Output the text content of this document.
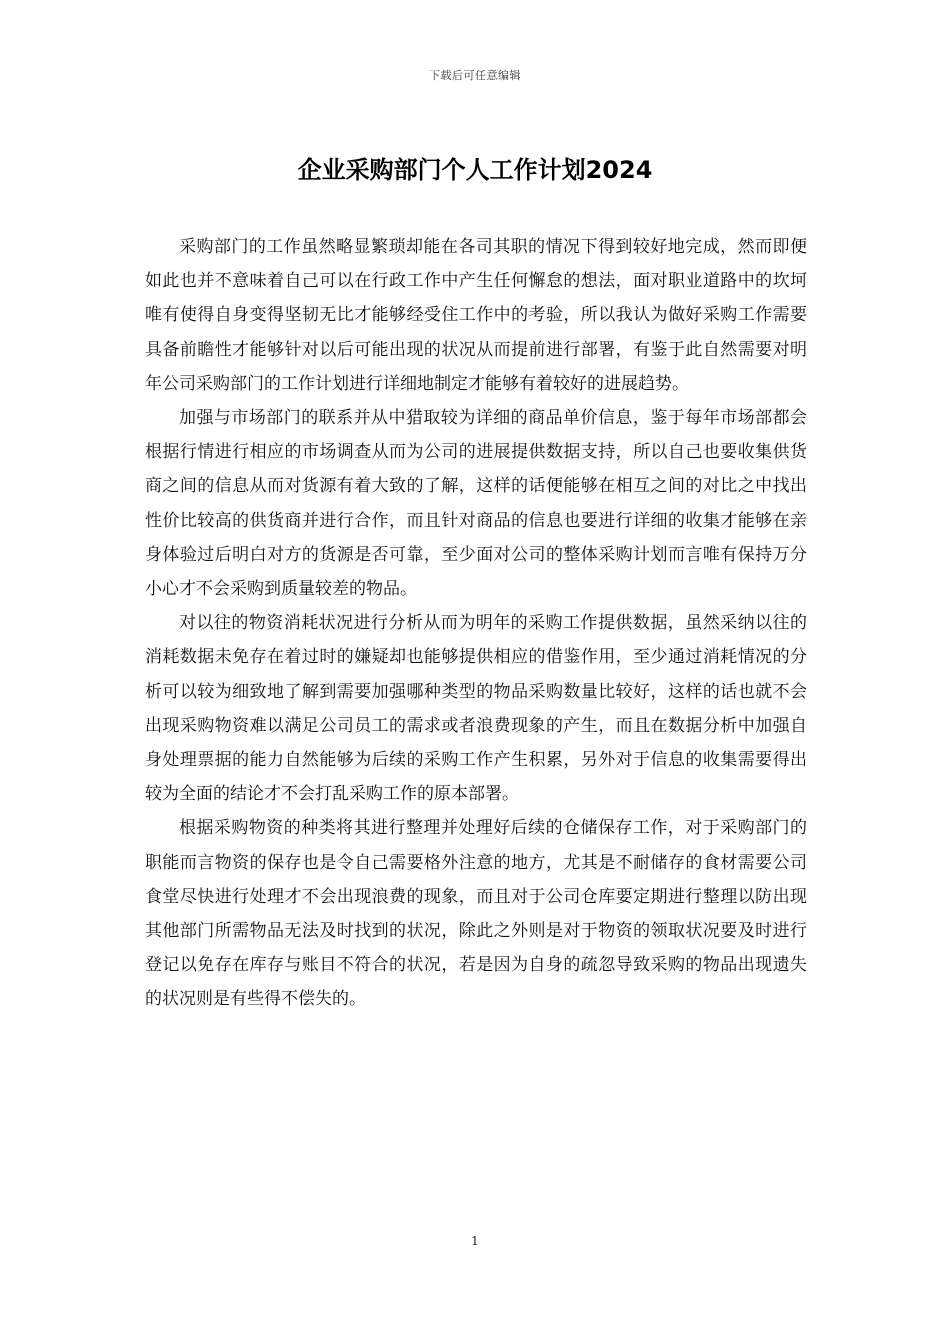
下载后可任意编辑
企业采购部门个人工作计划2024

采购部门的工作虽然略显繁琐却能在各司其职的情况下得到较好地完成，然而即便如此也并不意味着自己可以在行政工作中产生任何懈怠的想法，面对职业道路中的坎坷唯有使得自身变得坚韧无比才能够经受住工作中的考验，所以我认为做好采购工作需要具备前瞻性才能够针对以后可能出现的状况从而提前进行部署，有鉴于此自然需要对明年公司采购部门的工作计划进行详细地制定才能够有着较好的进展趋势。

加强与市场部门的联系并从中猎取较为详细的商品单价信息，鉴于每年市场部都会根据行情进行相应的市场调查从而为公司的进展提供数据支持，所以自己也要收集供货商之间的信息从而对货源有着大致的了解，这样的话便能够在相互之间的对比之中找出性价比较高的供货商并进行合作，而且针对商品的信息也要进行详细的收集才能够在亲身体验过后明白对方的货源是否可靠，至少面对公司的整体采购计划而言唯有保持万分小心才不会采购到质量较差的物品。

对以往的物资消耗状况进行分析从而为明年的采购工作提供数据，虽然采纳以往的消耗数据未免存在着过时的嫌疑却也能够提供相应的借鉴作用，至少通过消耗情况的分析可以较为细致地了解到需要加强哪种类型的物品采购数量比较好，这样的话也就不会出现采购物资难以满足公司员工的需求或者浪费现象的产生，而且在数据分析中加强自身处理票据的能力自然能够为后续的采购工作产生积累，另外对于信息的收集需要得出较为全面的结论才不会打乱采购工作的原本部署。

根据采购物资的种类将其进行整理并处理好后续的仓储保存工作，对于采购部门的职能而言物资的保存也是令自己需要格外注意的地方，尤其是不耐储存的食材需要公司食堂尽快进行处理才不会出现浪费的现象，而且对于公司仓库要定期进行整理以防出现其他部门所需物品无法及时找到的状况，除此之外则是对于物资的领取状况要及时进行登记以免存在库存与账目不符合的状况，若是因为自身的疏忽导致采购的物品出现遗失的状况则是有些得不偿失的。

1
